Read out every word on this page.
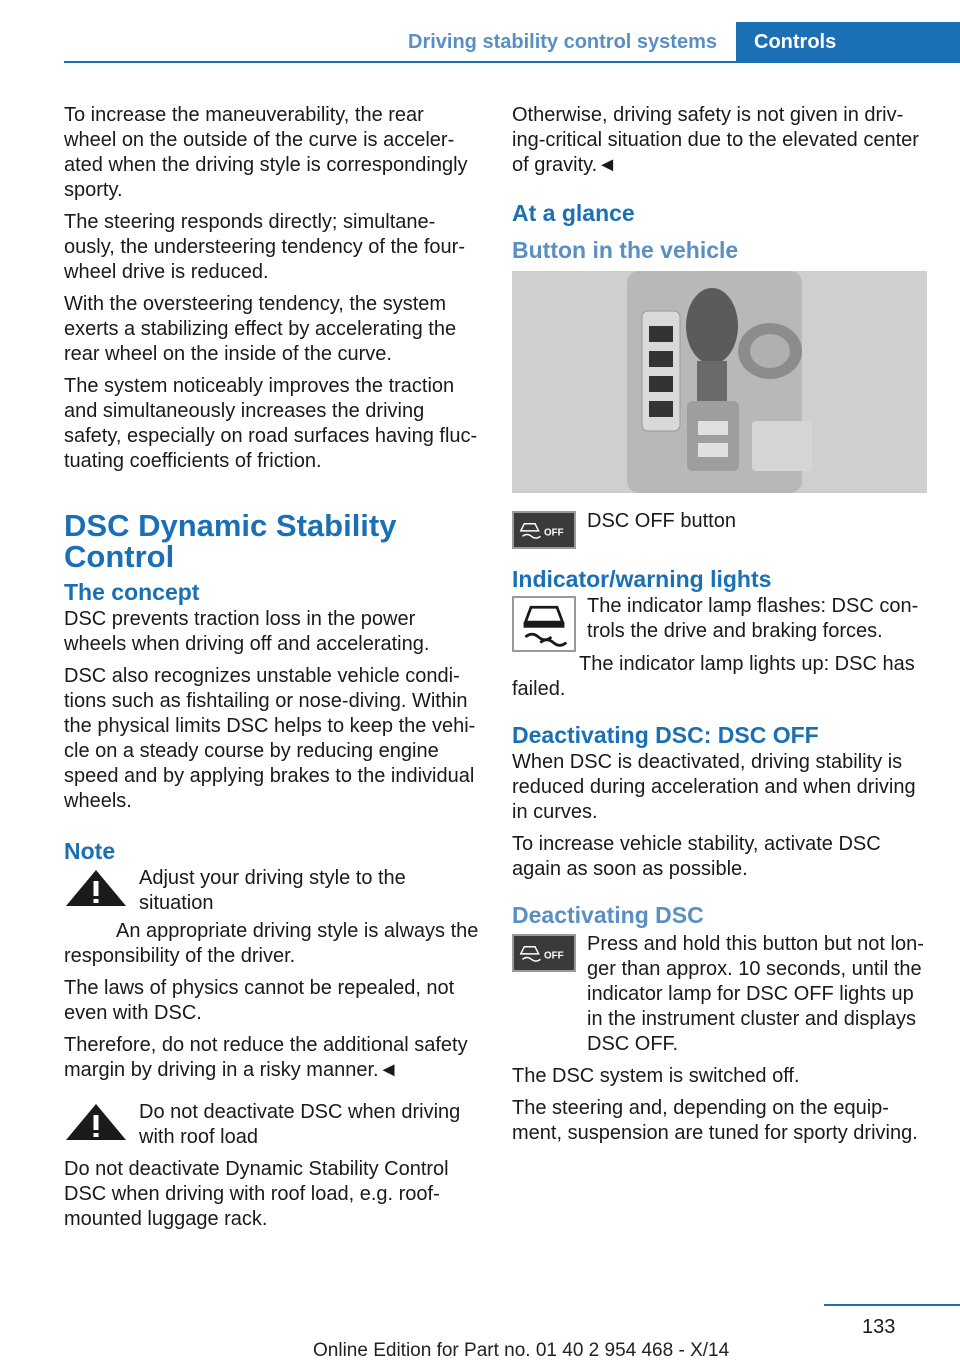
Driving stability control systems Controls

To increase the maneuverability, the rear wheel on the outside of the curve is accelerated when the driving style is correspondingly sporty.

The steering responds directly; simultaneously, the understeering tendency of the four-wheel drive is reduced.

With the oversteering tendency, the system exerts a stabilizing effect by accelerating the rear wheel on the inside of the curve.

The system noticeably improves the traction and simultaneously increases the driving safety, especially on road surfaces having fluctuating coefficients of friction.

DSC Dynamic Stability Control
The concept

DSC prevents traction loss in the power wheels when driving off and accelerating.

DSC also recognizes unstable vehicle conditions such as fishtailing or nose-diving. Within the physical limits DSC helps to keep the vehicle on a steady course by reducing engine speed and by applying brakes to the individual wheels.

Note

Adjust your driving style to the situation

An appropriate driving style is always the responsibility of the driver.

The laws of physics cannot be repealed, not even with DSC.

Therefore, do not reduce the additional safety margin by driving in a risky manner.◄

Do not deactivate DSC when driving with roof load

Do not deactivate Dynamic Stability Control DSC when driving with roof load, e.g. roof-mounted luggage rack.

Otherwise, driving safety is not given in driving-critical situation due to the elevated center of gravity.◄

At a glance
Button in the vehicle
OFF

DSC OFF button

Indicator/warning lights

The indicator lamp flashes: DSC controls the drive and braking forces.

The indicator lamp lights up: DSC has failed.

Deactivating DSC: DSC OFF

When DSC is deactivated, driving stability is reduced during acceleration and when driving in curves.

To increase vehicle stability, activate DSC again as soon as possible.

Deactivating DSC
OFF

Press and hold this button but not longer than approx. 10 seconds, until the indicator lamp for DSC OFF lights up in the instrument cluster and displays DSC OFF.

The DSC system is switched off.

The steering and, depending on the equipment, suspension are tuned for sporty driving.

133
Online Edition for Part no. 01 40 2 954 468 - X/14
